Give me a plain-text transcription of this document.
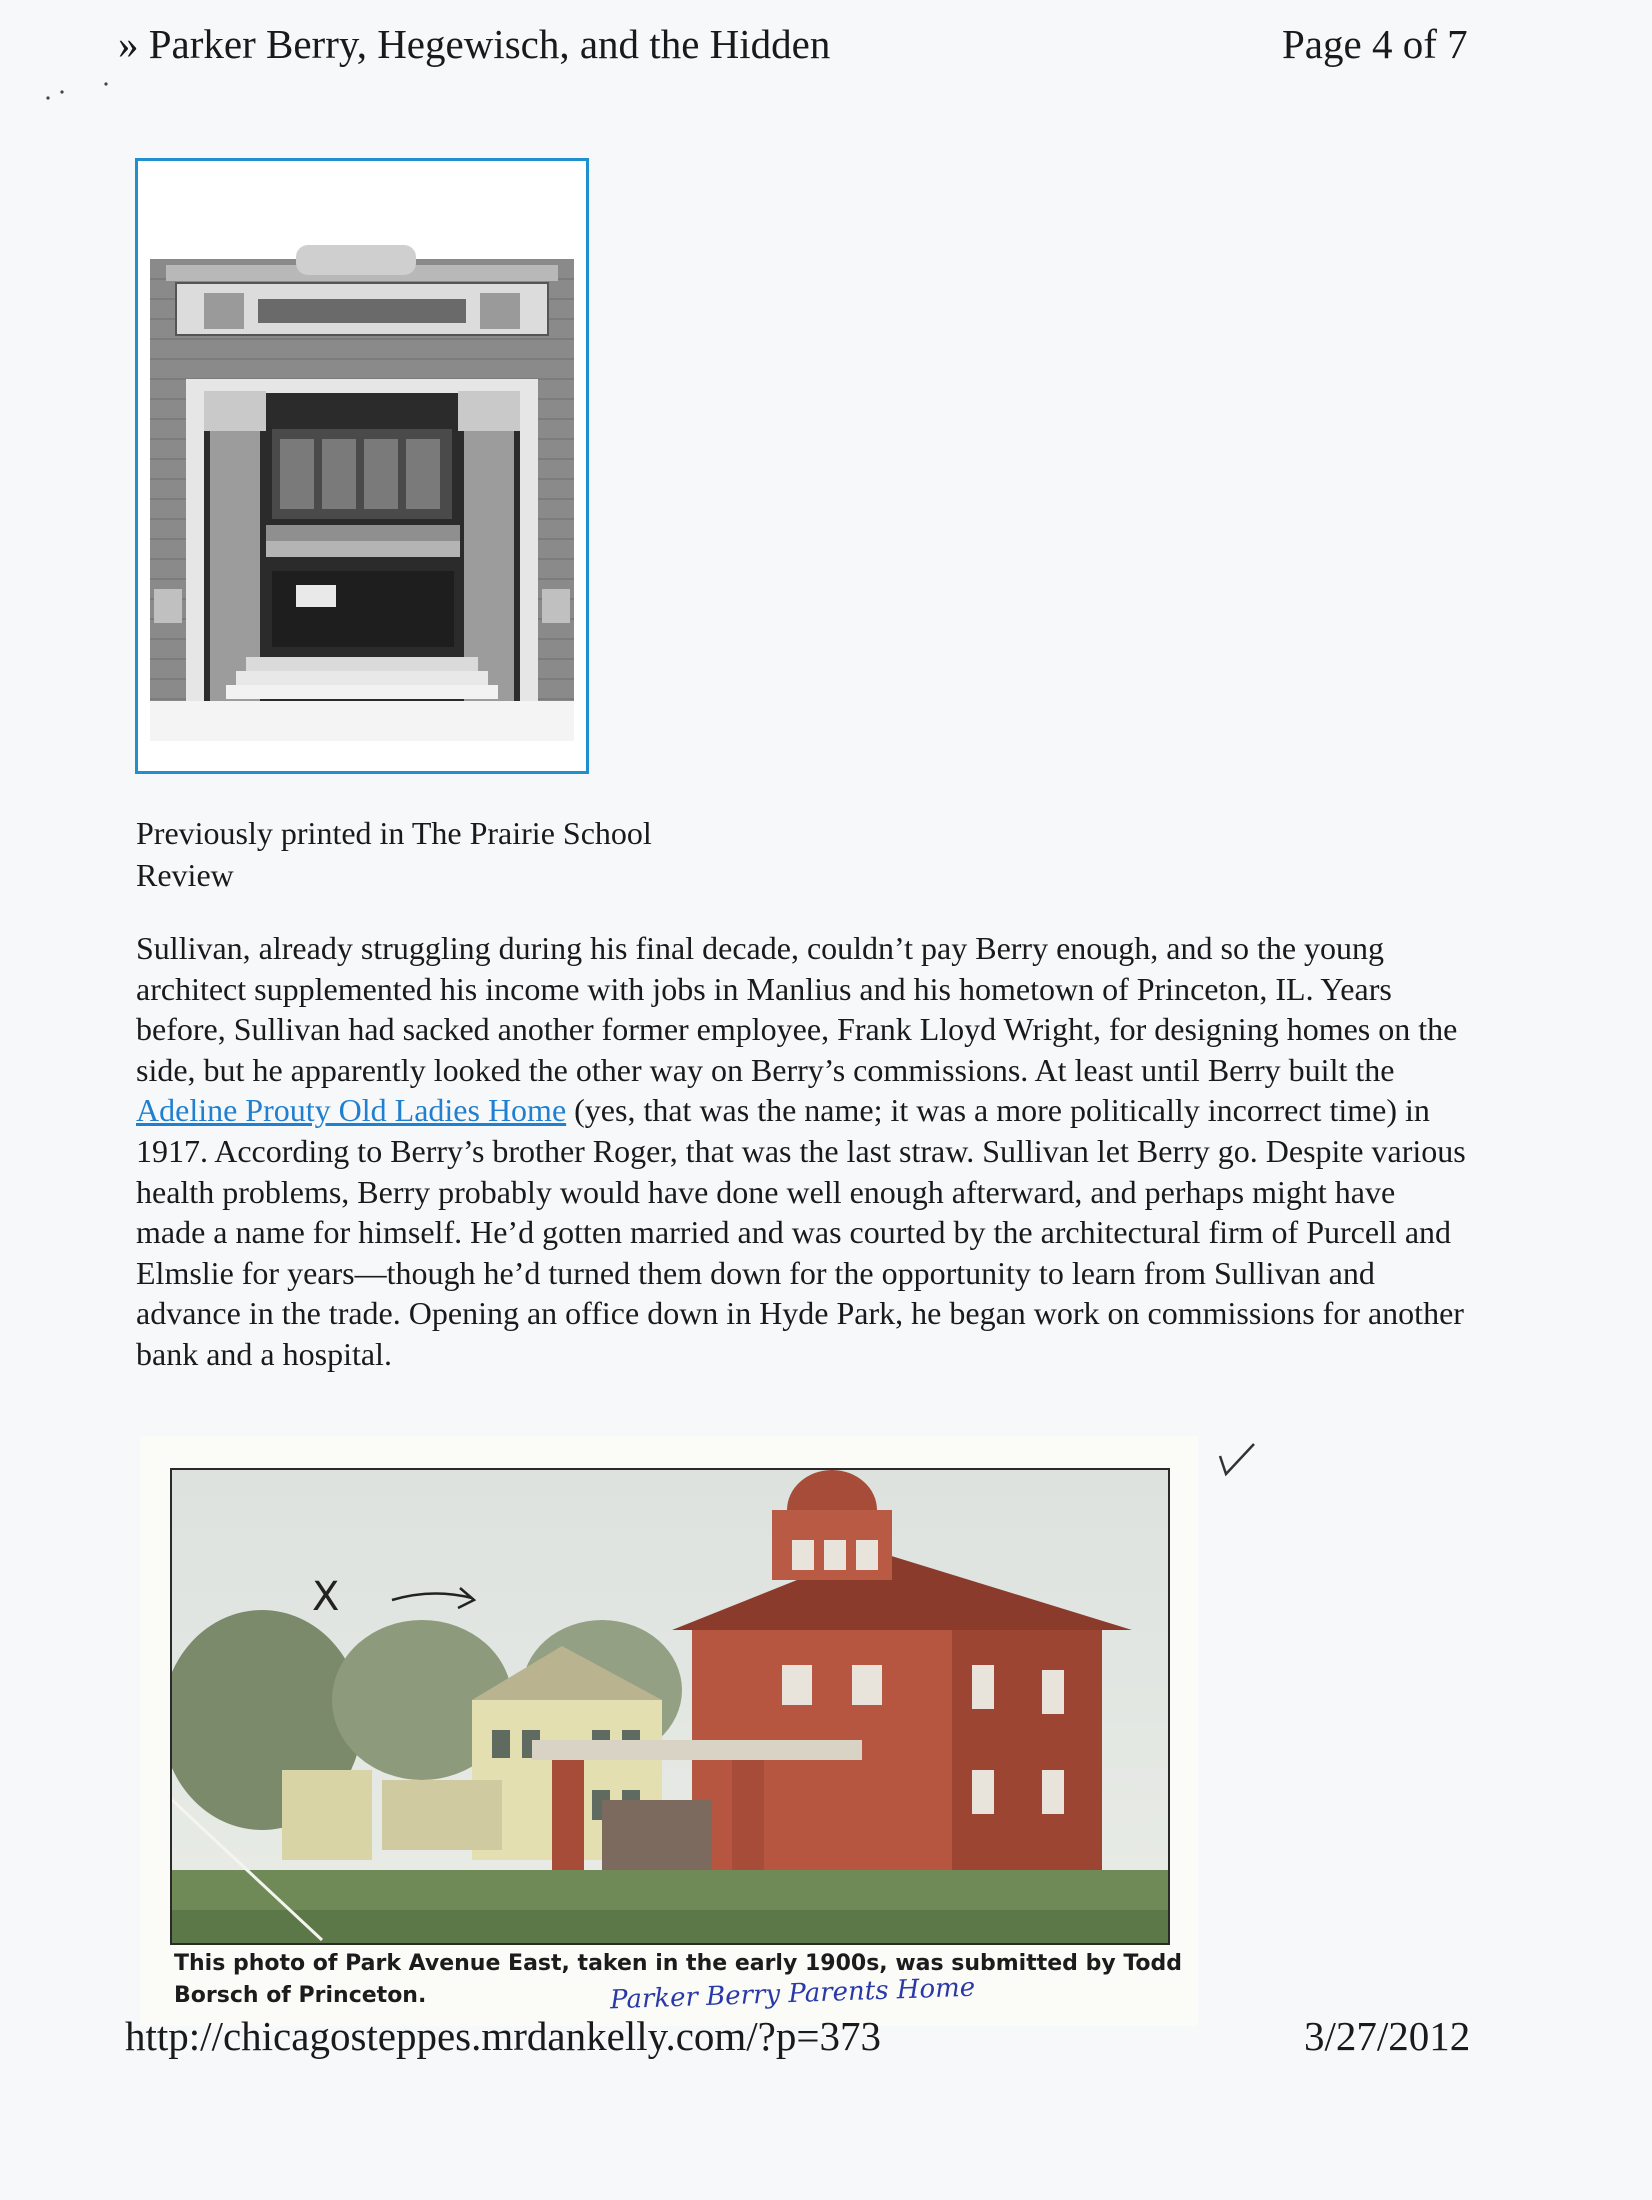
» Parker Berry, Hegewisch, and the Hidden	Page 4 of 7
Previously printed in The Prairie School Review

Sullivan, already struggling during his final decade, couldn’t pay Berry enough, and so the young architect supplemented his income with jobs in Manlius and his hometown of Princeton, IL. Years before, Sullivan had sacked another former employee, Frank Lloyd Wright, for designing homes on the side, but he apparently looked the other way on Berry’s commissions. At least until Berry built the Adeline Prouty Old Ladies Home (yes, that was the name; it was a more politically incorrect time) in 1917. According to Berry’s brother Roger, that was the last straw. Sullivan let Berry go. Despite various health problems, Berry probably would have done well enough afterward, and perhaps might have made a name for himself. He’d gotten married and was courted by the architectural firm of Purcell and Elmslie for years—though he’d turned them down for the opportunity to learn from Sullivan and advance in the trade. Opening an office down in Hyde Park, he began work on commissions for another bank and a hospital.

X
This photo of Park Avenue East, taken in the early 1900s, was submitted by Todd Borsch of Princeton.	Parker Berry Parents Home
http://chicagosteppes.mrdankelly.com/?p=373	3/27/2012
